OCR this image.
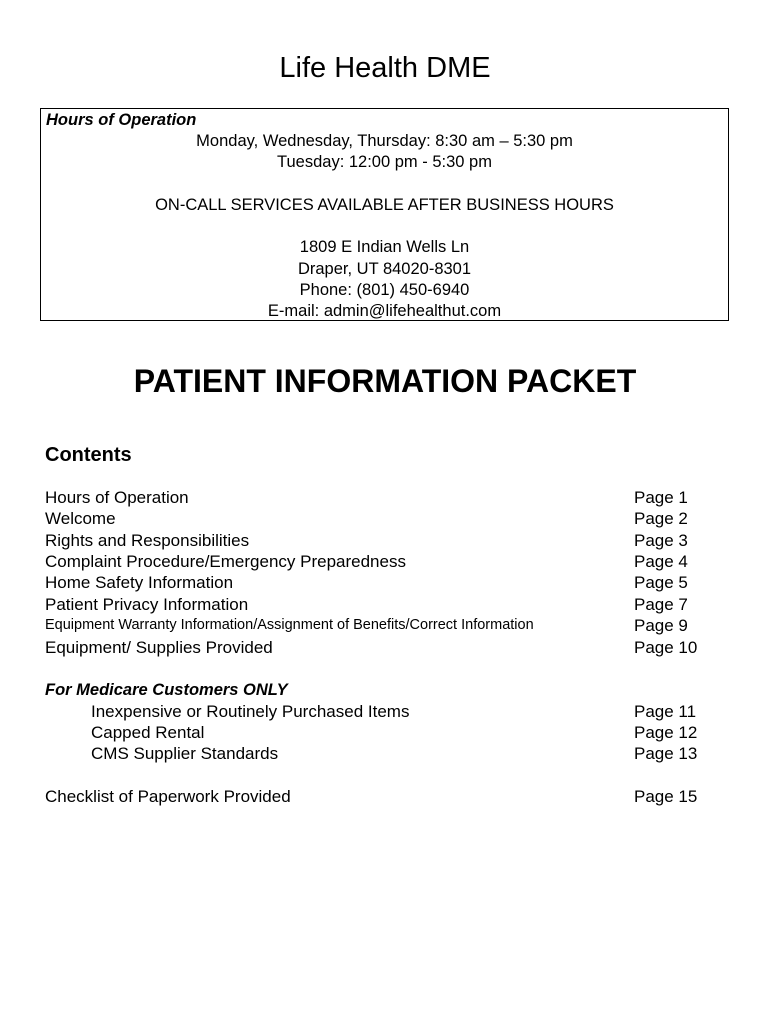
Life Health DME
Hours of Operation
Monday, Wednesday, Thursday: 8:30 am – 5:30 pm
Tuesday: 12:00 pm - 5:30 pm
ON-CALL SERVICES AVAILABLE AFTER BUSINESS HOURS
1809 E Indian Wells Ln
Draper, UT 84020-8301
Phone: (801) 450-6940
E-mail: admin@lifehealthut.com
PATIENT INFORMATION PACKET
Contents
Hours of Operation	Page 1
Welcome	Page 2
Rights and Responsibilities	Page 3
Complaint Procedure/Emergency Preparedness	Page 4
Home Safety Information	Page 5
Patient Privacy Information	Page 7
Equipment Warranty Information/Assignment of Benefits/Correct Information	Page 9
Equipment/ Supplies Provided	Page 10
For Medicare Customers ONLY
Inexpensive or Routinely Purchased Items	Page 11
Capped Rental	Page 12
CMS Supplier Standards	Page 13
Checklist of Paperwork Provided	Page 15
